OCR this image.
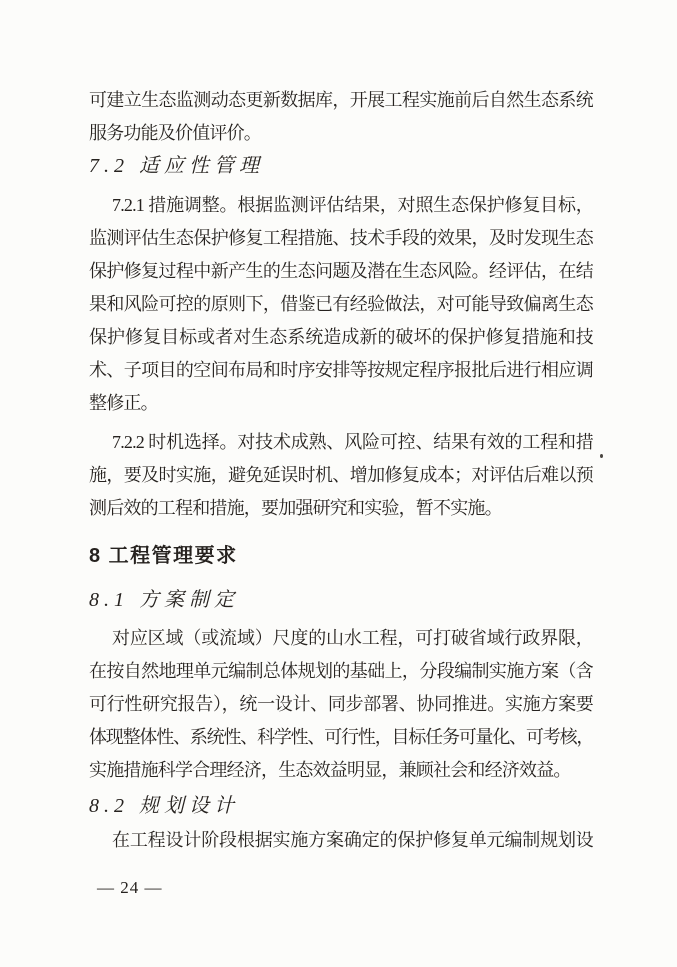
可建立生态监测动态更新数据库，开展工程实施前后自然生态系统
服务功能及价值评价。
7.2 适应性管理
7.2.1 措施调整。根据监测评估结果，对照生态保护修复目标，
监测评估生态保护修复工程措施、技术手段的效果，及时发现生态
保护修复过程中新产生的生态问题及潜在生态风险。经评估，在结
果和风险可控的原则下，借鉴已有经验做法，对可能导致偏离生态
保护修复目标或者对生态系统造成新的破坏的保护修复措施和技
术、子项目的空间布局和时序安排等按规定程序报批后进行相应调
整修正。
7.2.2 时机选择。对技术成熟、风险可控、结果有效的工程和措
施，要及时实施，避免延误时机、增加修复成本；对评估后难以预
测后效的工程和措施，要加强研究和实验，暂不实施。
8 工程管理要求
8.1 方案制定
对应区域（或流域）尺度的山水工程，可打破省域行政界限，
在按自然地理单元编制总体规划的基础上，分段编制实施方案（含
可行性研究报告），统一设计、同步部署、协同推进。实施方案要
体现整体性、系统性、科学性、可行性，目标任务可量化、可考核，
实施措施科学合理经济，生态效益明显，兼顾社会和经济效益。
8.2 规划设计
在工程设计阶段根据实施方案确定的保护修复单元编制规划设
— 24 —
